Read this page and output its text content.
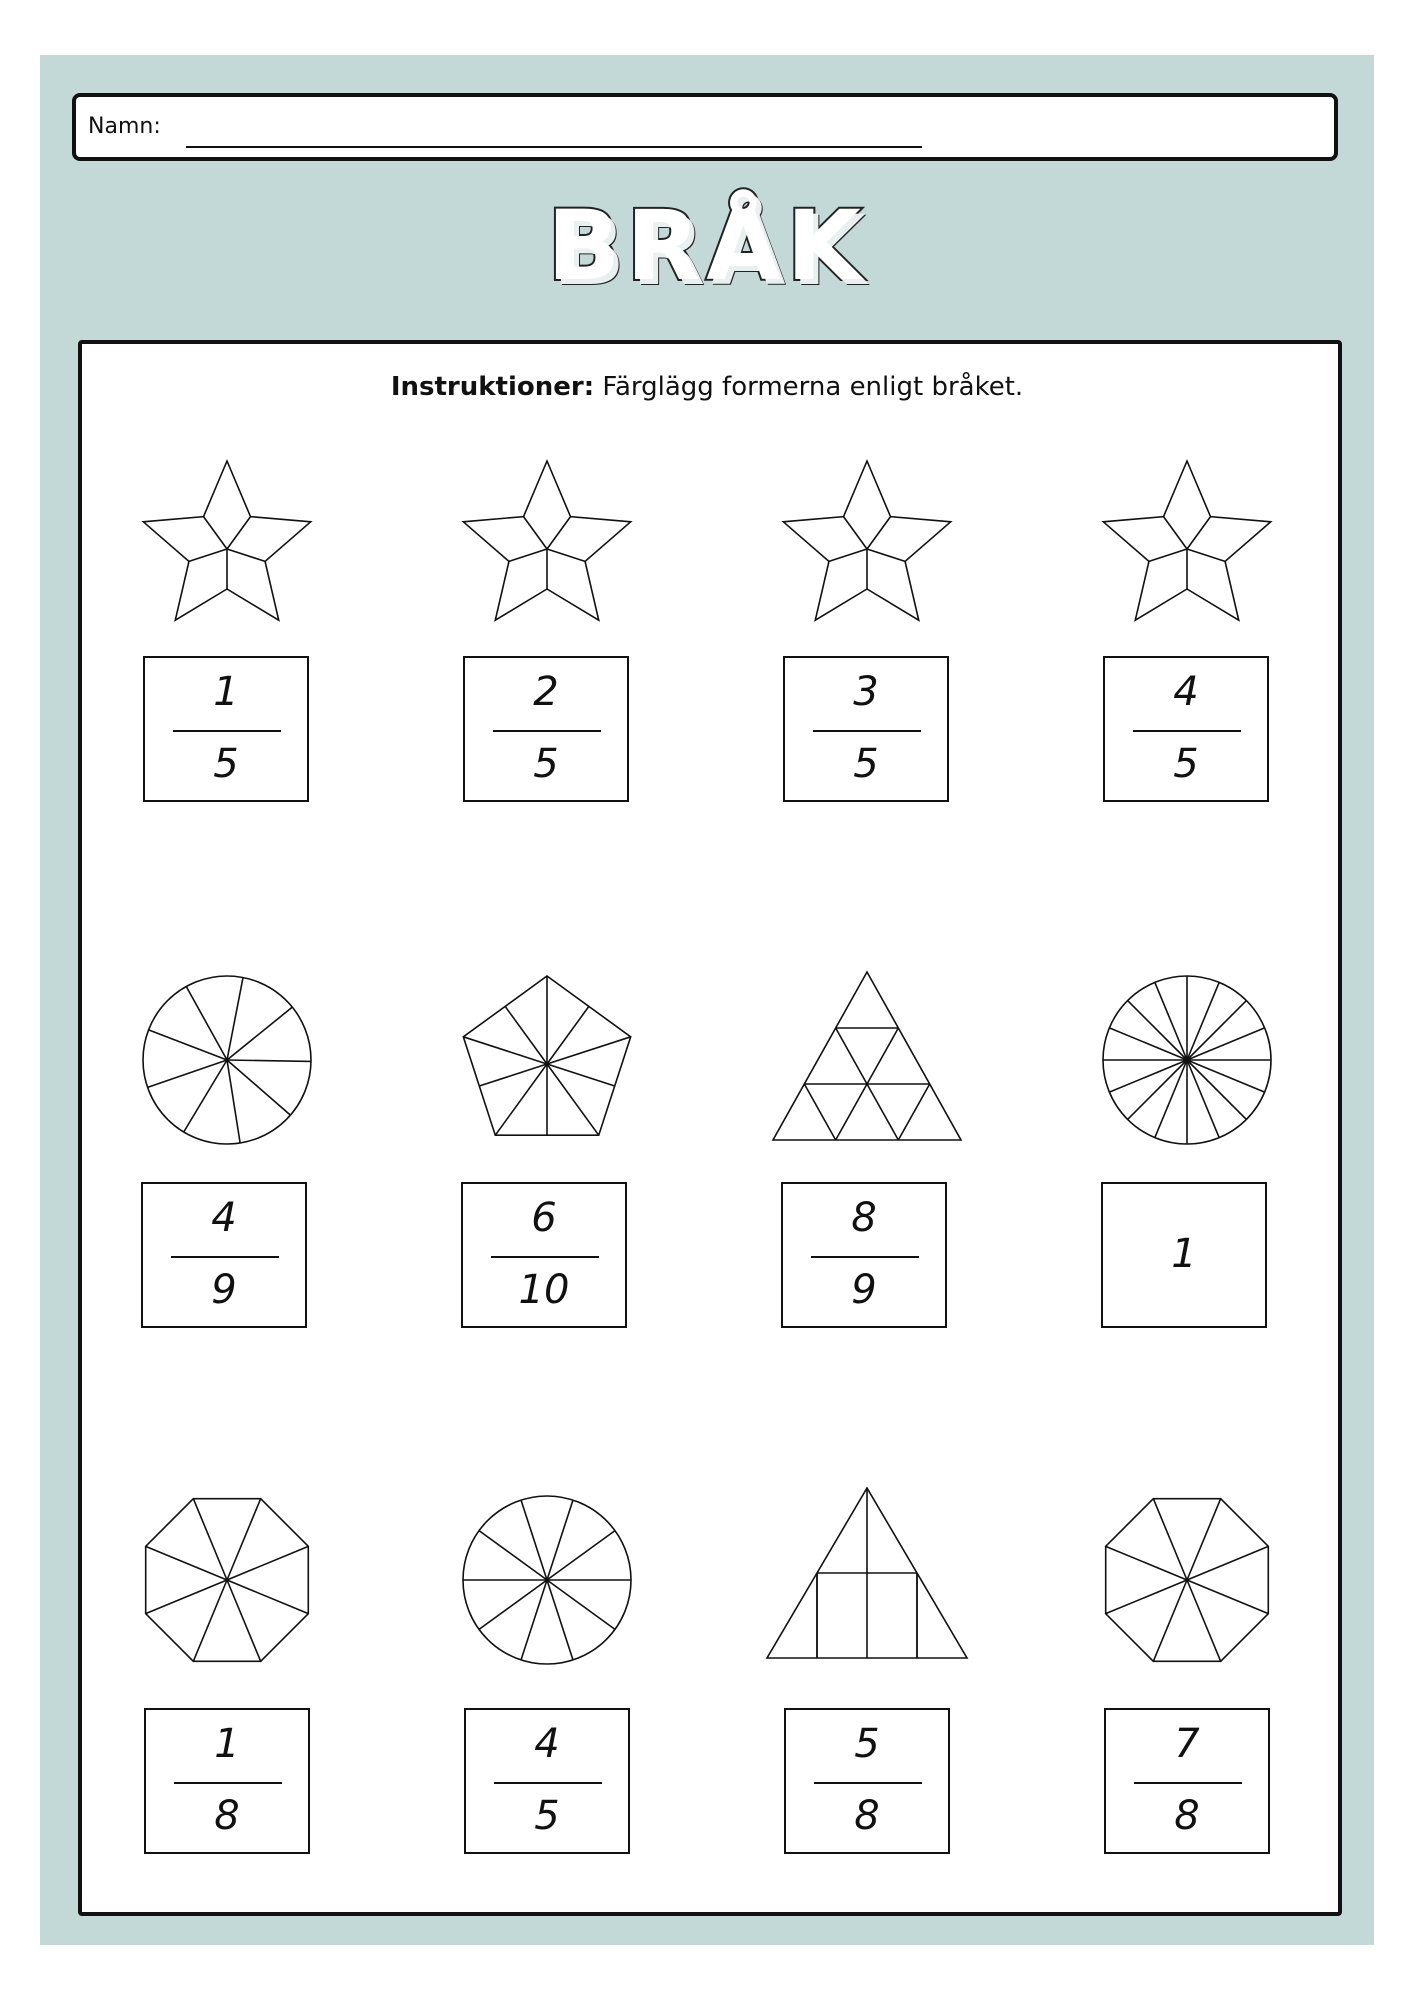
Namn:
BRÅK
Instruktioner: Färglägg formerna enligt bråket.
1
5
2
5
3
5
4
5
4
9
6
10
8
9
1
1
8
4
5
5
8
7
8
